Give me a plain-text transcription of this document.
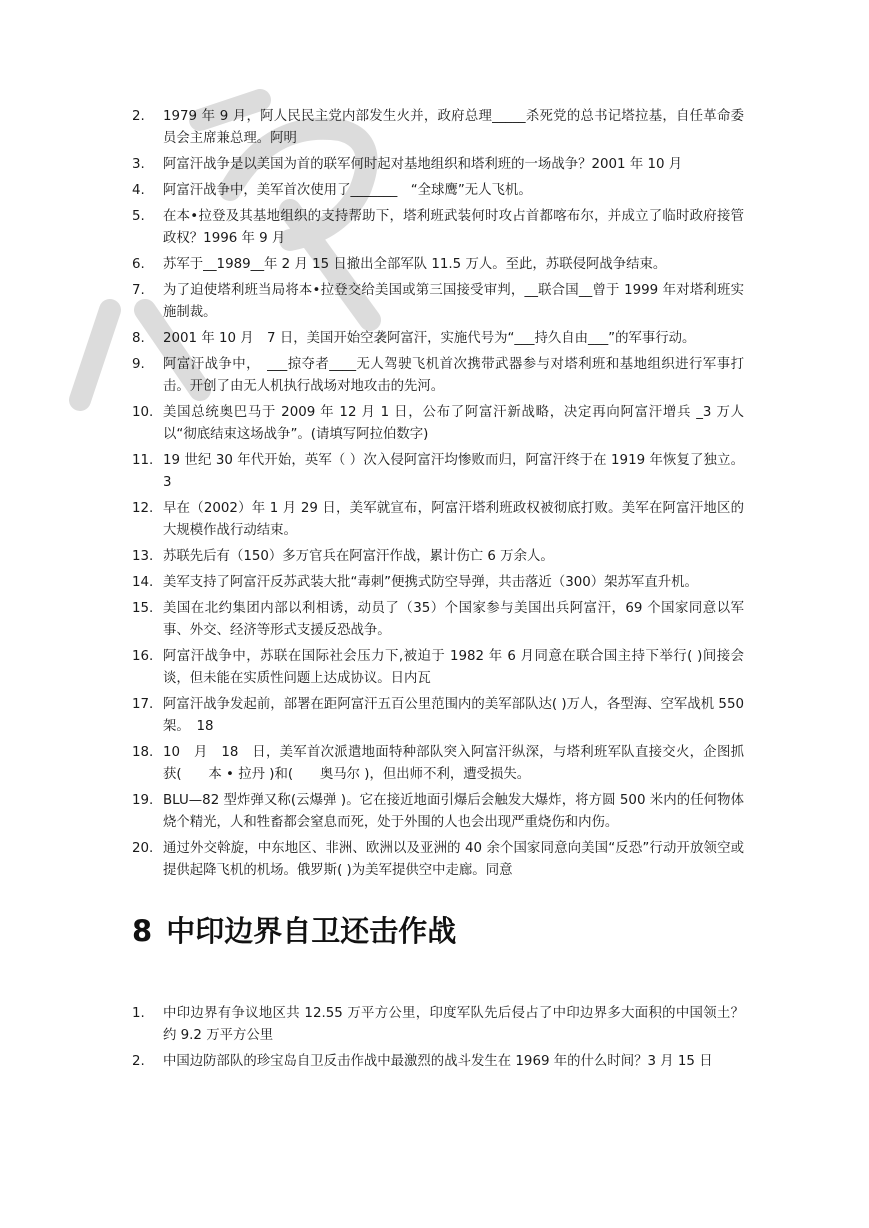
2. 1979 年 9 月，阿人民民主党内部发生火并，政府总理_____杀死党的总书记塔拉基，自任革命委员会主席兼总理。阿明
3. 阿富汗战争是以美国为首的联军何时起对基地组织和塔利班的一场战争？2001 年 10 月
4. 阿富汗战争中，美军首次使用了_______　“全球鹰”无人飞机。
5. 在本•拉登及其基地组织的支持帮助下，塔利班武装何时攻占首都喀布尔，并成立了临时政府接管政权？1996 年 9 月
6. 苏军于__1989__年 2 月 15 日撤出全部军队 11.5 万人。至此，苏联侵阿战争结束。
7. 为了迫使塔利班当局将本•拉登交给美国或第三国接受审判，__联合国__曾于 1999 年对塔利班实施制裁。
8. 2001 年 10 月　7 日，美国开始空袭阿富汗，实施代号为“___持久自由___”的军事行动。
9. 阿富汗战争中，　___掠夺者____无人驾驶飞机首次携带武器参与对塔利班和基地组织进行军事打击。开创了由无人机执行战场对地攻击的先河。
10. 美国总统奥巴马于 2009 年 12 月 1 日，公布了阿富汗新战略，决定再向阿富汗增兵 _3 万人以“彻底结束这场战争”。(请填写阿拉伯数字)
11. 19 世纪 30 年代开始，英军（ ）次入侵阿富汗均惨败而归，阿富汗终于在 1919 年恢复了独立。3
12. 早在（2002）年 1 月 29 日，美军就宣布，阿富汗塔利班政权被彻底打败。美军在阿富汗地区的大规模作战行动结束。
13. 苏联先后有（150）多万官兵在阿富汗作战，累计伤亡 6 万余人。
14. 美军支持了阿富汗反苏武装大批“毒刺”便携式防空导弹，共击落近（300）架苏军直升机。
15. 美国在北约集团内部以利相诱，动员了（35）个国家参与美国出兵阿富汗，69 个国家同意以军事、外交、经济等形式支援反恐战争。
16. 阿富汗战争中，苏联在国际社会压力下,被迫于 1982 年 6 月同意在联合国主持下举行( )间接会谈，但未能在实质性问题上达成协议。日内瓦
17. 阿富汗战争发起前，部署在距阿富汗五百公里范围内的美军部队达( )万人，各型海、空军战机 550 架。　18
18. 10　月　18　日，美军首次派遣地面特种部队突入阿富汗纵深，与塔利班军队直接交火，企图抓获(　　本 • 拉丹 )和(　　奥马尔 )，但出师不利，遭受损失。
19. BLU—82 型炸弹又称(云爆弹 )。它在接近地面引爆后会触发大爆炸，将方圆 500 米内的任何物体烧个精光，人和牲畜都会窒息而死，处于外围的人也会出现严重烧伤和内伤。
20. 通过外交斡旋，中东地区、非洲、欧洲以及亚洲的 40 余个国家同意向美国“反恐”行动开放领空或提供起降飞机的机场。俄罗斯( )为美军提供空中走廊。同意
8 中印边界自卫还击作战
1. 中印边界有争议地区共 12.55 万平方公里，印度军队先后侵占了中印边界多大面积的中国领土？　约 9.2 万平方公里
2. 中国边防部队的珍宝岛自卫反击作战中最激烈的战斗发生在 1969 年的什么时间？3 月 15 日
